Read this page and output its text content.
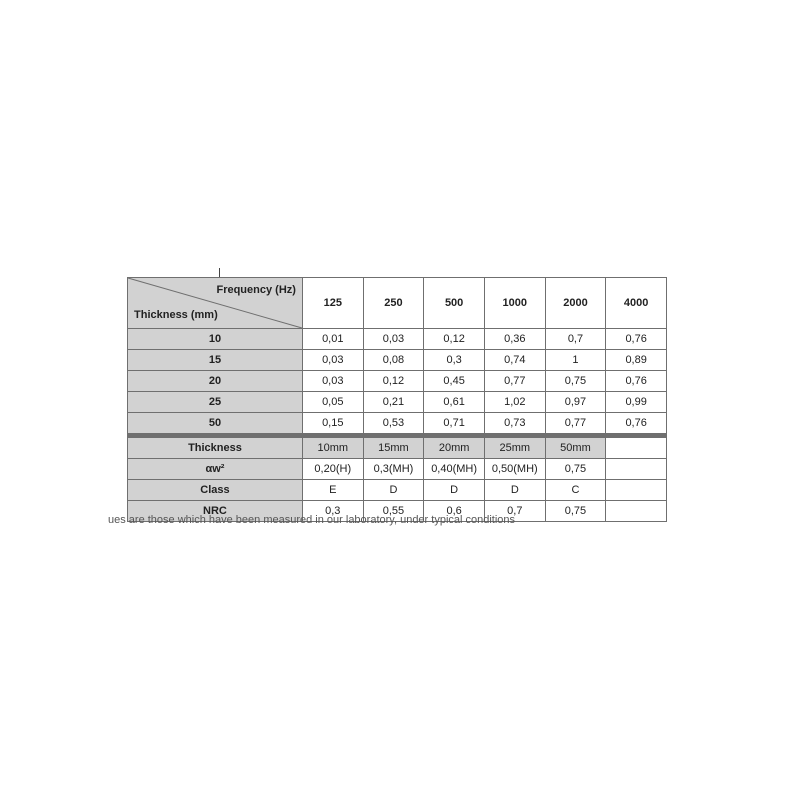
Frequency (Hz)
Thickness (mm)	125	250	500	1000	2000	4000
10	0,01	0,03	0,12	0,36	0,7	0,76
15	0,03	0,08	0,3	0,74	1	0,89
20	0,03	0,12	0,45	0,77	0,75	0,76
25	0,05	0,21	0,61	1,02	0,97	0,99
50	0,15	0,53	0,71	0,73	0,77	0,76

Thickness	10mm	15mm	20mm	25mm	50mm	
αw²	0,20(H)	0,3(MH)	0,40(MH)	0,50(MH)	0,75	
Class	E	D	D	D	C	
NRC	0,3	0,55	0,6	0,7	0,75	
ues are those which have been measured in our laboratory, under typical conditions
